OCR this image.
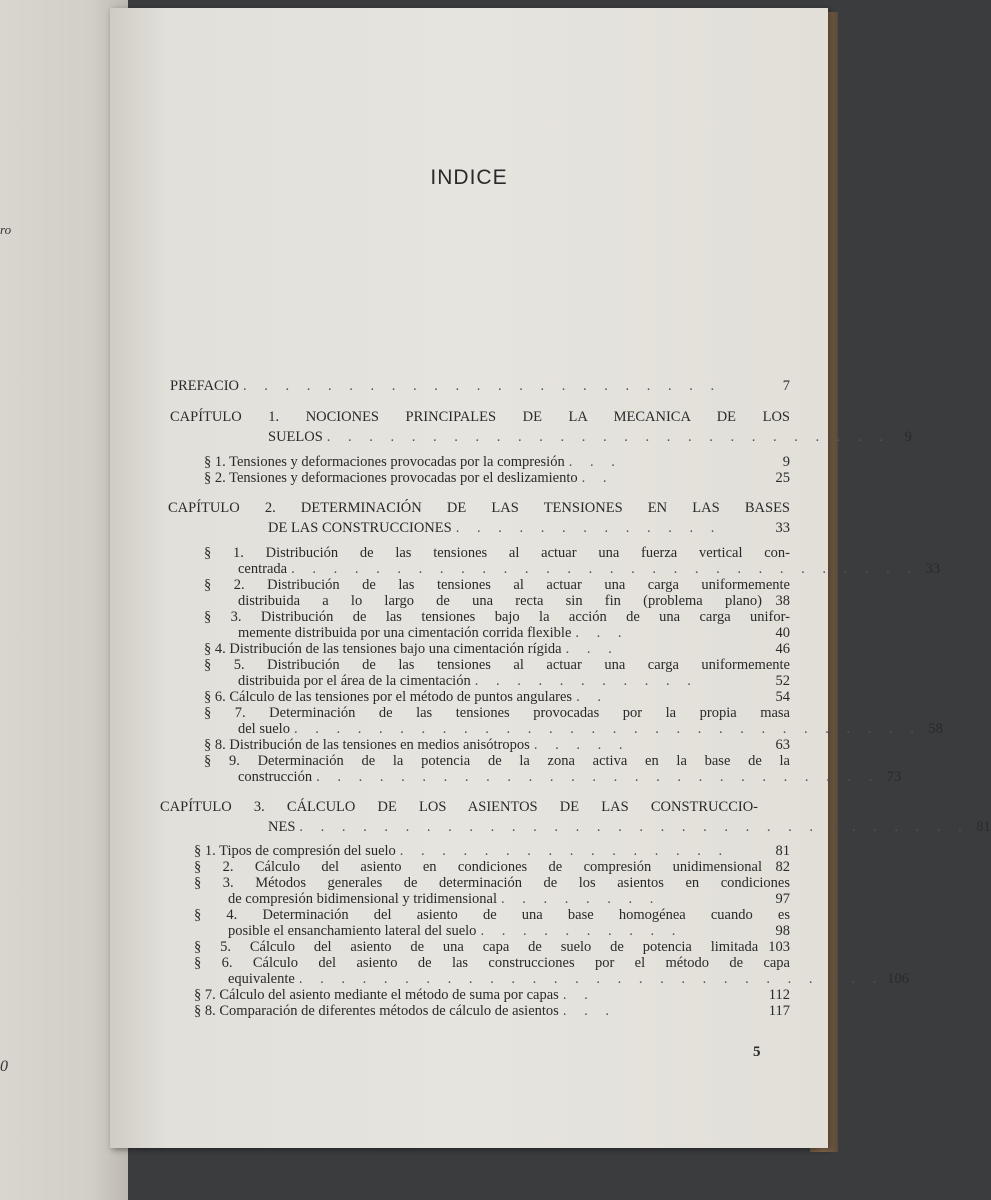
ro
0
INDICE
PREFACIO . . . . . . . . . . . . . . . . . . . . . . .	7
CAPÍTULO 1. NOCIONES PRINCIPALES DE LA MECANICA DE LOS
SUELOS . . . . . . . . . . . . . . . . . . . . . . . . . . .	9
§ 1. Tensiones y deformaciones provocadas por la compresión . . .	9
§ 2. Tensiones y deformaciones provocadas por el deslizamiento . .	25
CAPÍTULO 2. DETERMINACIÓN DE LAS TENSIONES EN LAS BASES
DE LAS CONSTRUCCIONES . . . . . . . . . . . . .	33
§ 1. Distribución de las tensiones al actuar una fuerza vertical con-
centrada . . . . . . . . . . . . . . . . . . . . . . . . . . . . . . 33
§ 2. Distribución de las tensiones al actuar una carga uniformemente
distribuida a lo largo de una recta sin fin (problema plano) 38
§ 3. Distribución de las tensiones bajo la acción de una carga unifor-
memente distribuida por una cimentación corrida flexible . . .	40
§ 4. Distribución de las tensiones bajo una cimentación rígida . . .	46
§ 5. Distribución de las tensiones al actuar una carga uniformemente
distribuida por el área de la cimentación . . . . . . . . . . .	52
§ 6. Cálculo de las tensiones por el método de puntos angulares . .	54
§ 7. Determinación de las tensiones provocadas por la propia masa
del suelo . . . . . . . . . . . . . . . . . . . . . . . . . . . . . . 58
§ 8. Distribución de las tensiones en medios anisótropos . . . . .	63
§ 9. Determinación de la potencia de la zona activa en la base de la
construcción . . . . . . . . . . . . . . . . . . . . . . . . . . . 73
CAPÍTULO 3. CÁLCULO DE LOS ASIENTOS DE LAS CONSTRUCCIO-
NES . . . . . . . . . . . . . . . . . . . . . . . . . . . . . . . . 81
§ 1. Tipos de compresión del suelo . . . . . . . . . . . . . . . .	81
§ 2. Cálculo del asiento en condiciones de compresión unidimensional 82
§ 3. Métodos generales de determinación de los asientos en condiciones
de compresión bidimensional y tridimensional . . . . . . . .	97
§ 4. Determinación del asiento de una base homogénea cuando es
posible el ensanchamiento lateral del suelo . . . . . . . . . .	98
§ 5. Cálculo del asiento de una capa de suelo de potencia limitada 103
§ 6. Cálculo del asiento de las construcciones por el método de capa
equivalente . . . . . . . . . . . . . . . . . . . . . . . . . . . . 106
§ 7. Cálculo del asiento mediante el método de suma por capas . .	112
§ 8. Comparación de diferentes métodos de cálculo de asientos . . .	117
5
